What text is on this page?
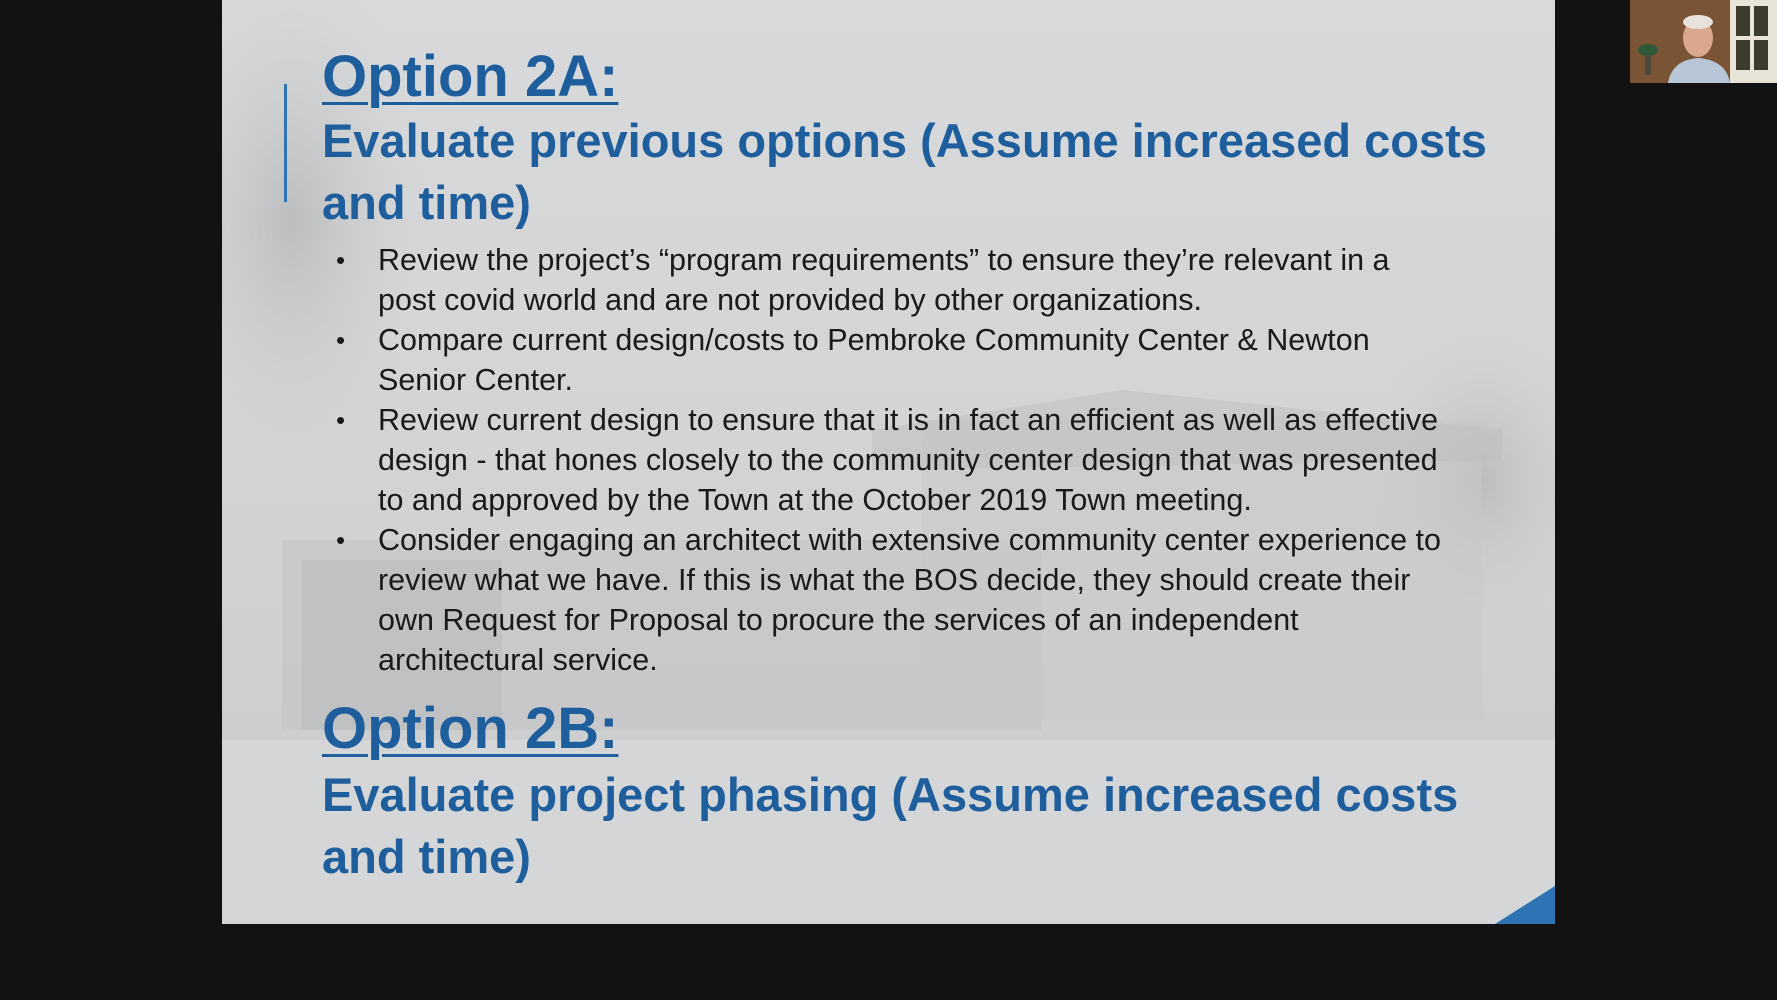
Option 2A:
Evaluate previous options (Assume increased costs and time)
• Review the project’s “program requirements” to ensure they’re relevant in a post covid world and are not provided by other organizations.
• Compare current design/costs to Pembroke Community Center & Newton Senior Center.
• Review current design to ensure that it is in fact an efficient as well as effective design - that hones closely to the community center design that was presented to and approved by the Town at the October 2019 Town meeting.
• Consider engaging an architect with extensive community center experience to review what we have. If this is what the BOS decide, they should create their own Request for Proposal to procure the services of an independent architectural service.
Option 2B:
Evaluate project phasing (Assume increased costs and time)
